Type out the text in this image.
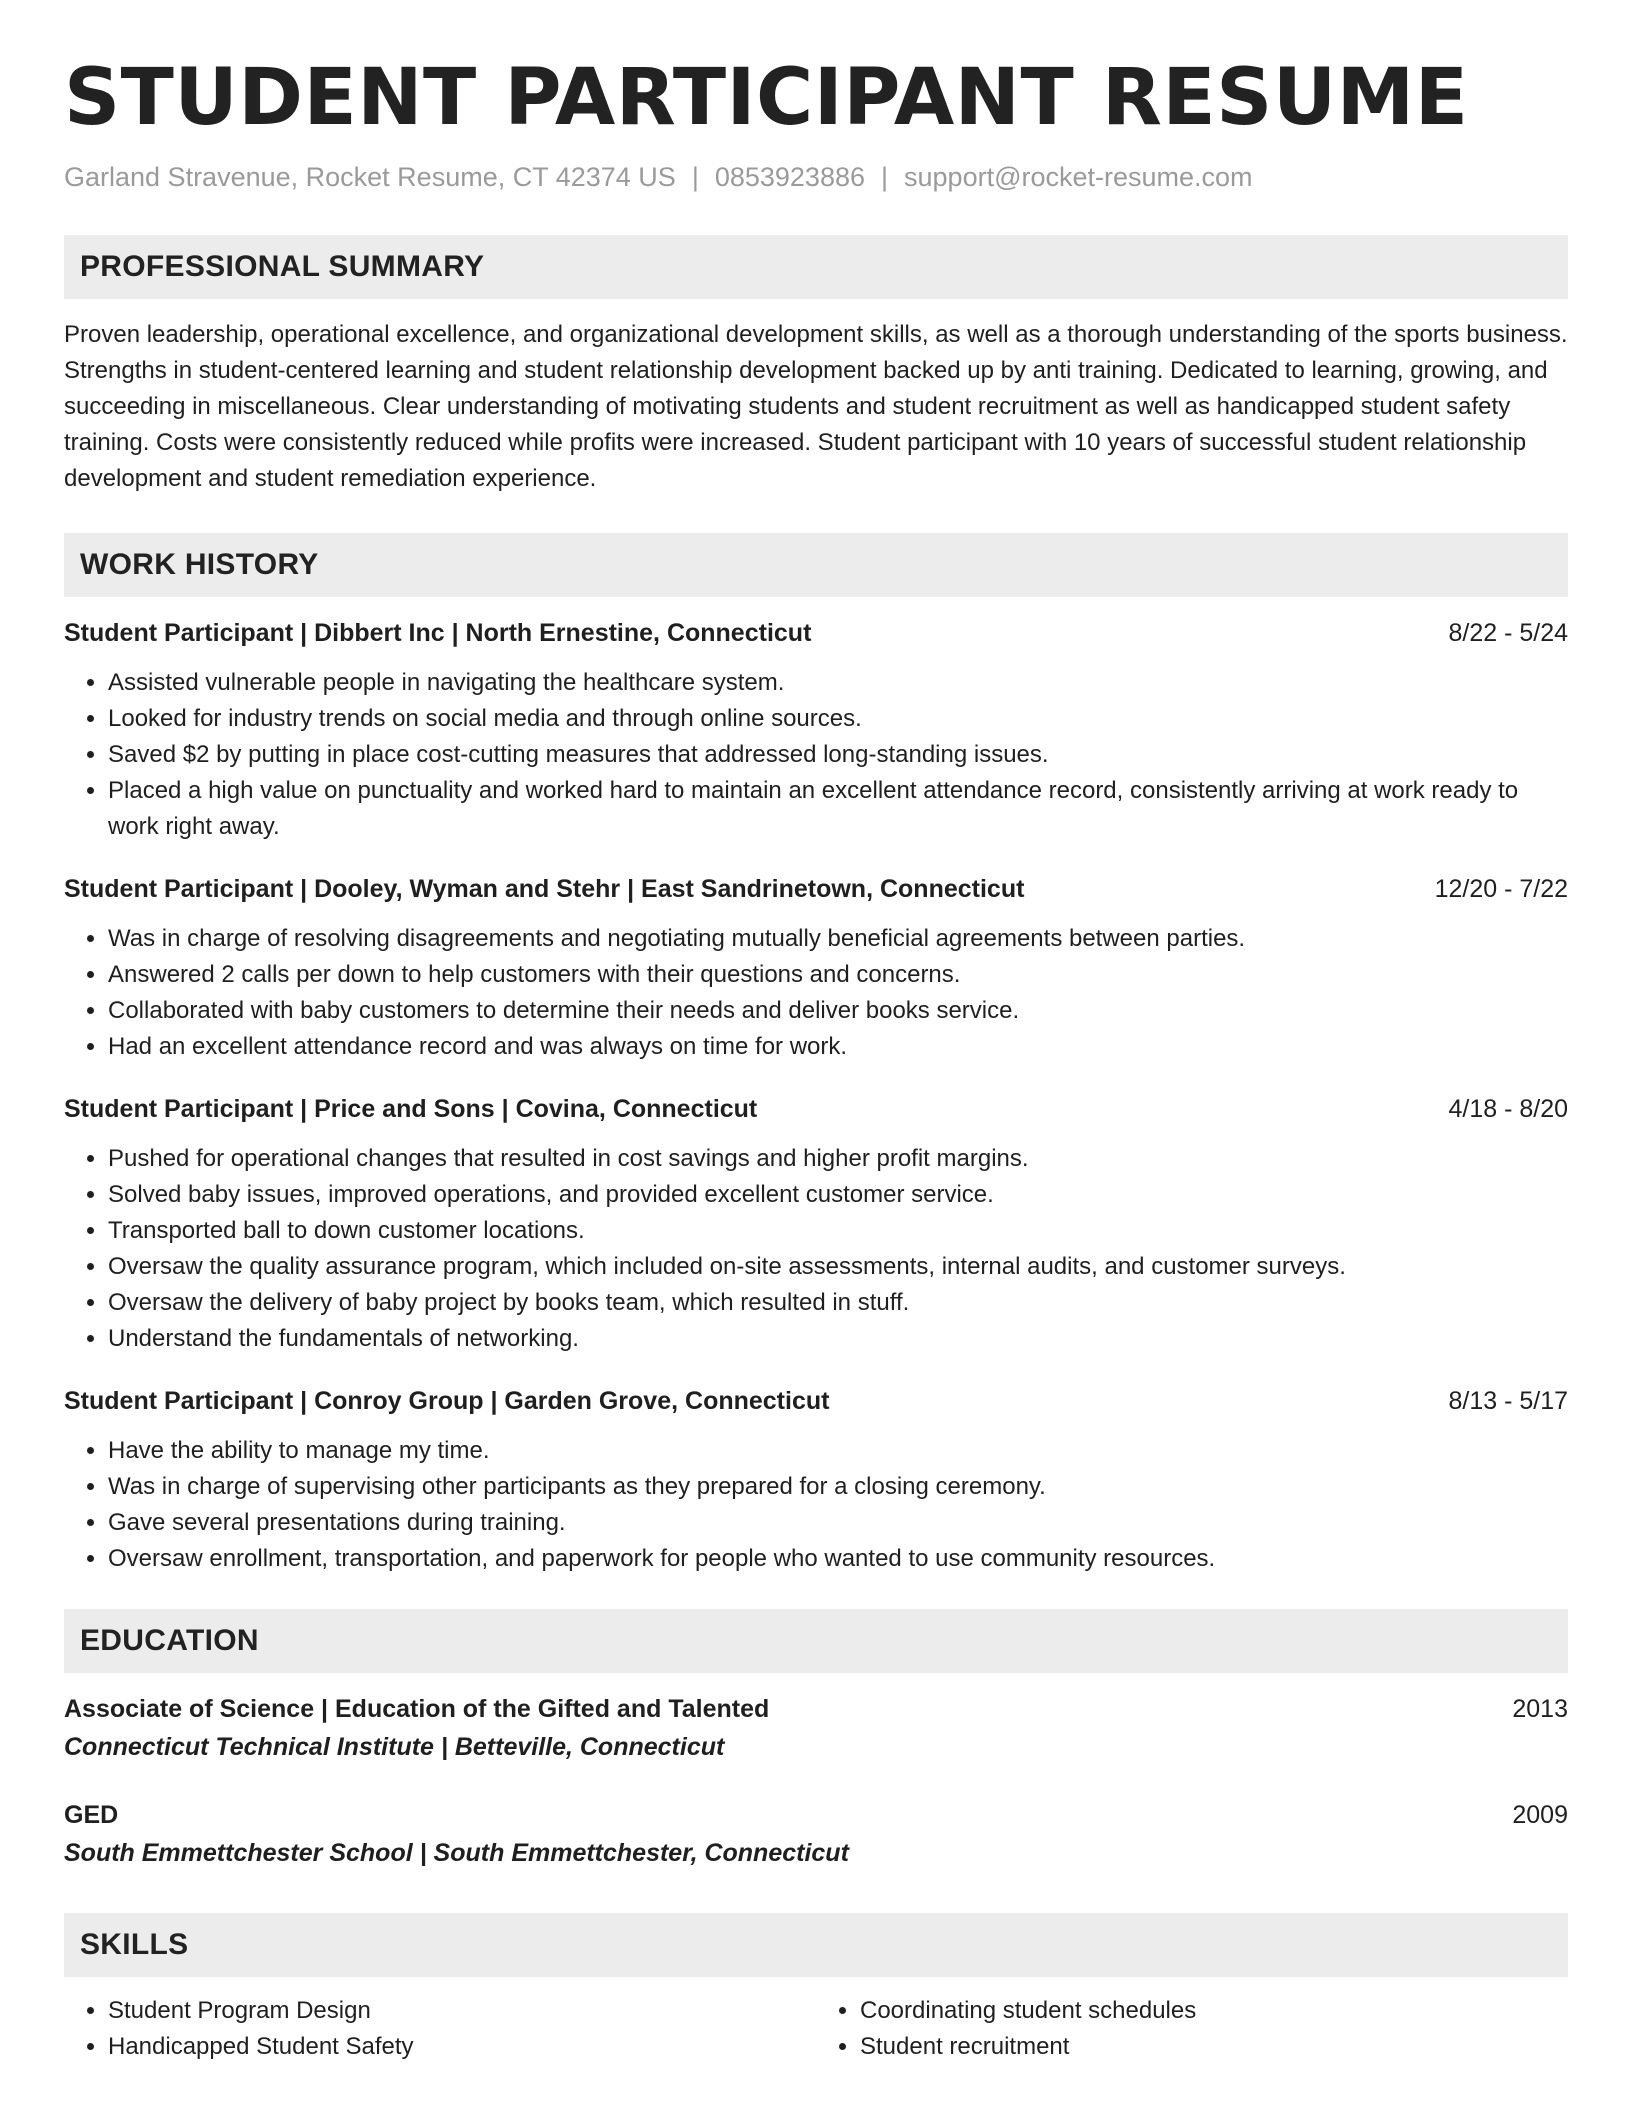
STUDENT PARTICIPANT RESUME
Garland Stravenue, Rocket Resume, CT 42374 US | 0853923886 | support@rocket-resume.com
PROFESSIONAL SUMMARY

Proven leadership, operational excellence, and organizational development skills, as well as a thorough understanding of the sports business. Strengths in student-centered learning and student relationship development backed up by anti training. Dedicated to learning, growing, and succeeding in miscellaneous. Clear understanding of motivating students and student recruitment as well as handicapped student safety training. Costs were consistently reduced while profits were increased. Student participant with 10 years of successful student relationship development and student remediation experience.

WORK HISTORY
Student Participant | Dibbert Inc | North Ernestine, Connecticut	8/22 - 5/24
• Assisted vulnerable people in navigating the healthcare system.
• Looked for industry trends on social media and through online sources.
• Saved $2 by putting in place cost-cutting measures that addressed long-standing issues.
• Placed a high value on punctuality and worked hard to maintain an excellent attendance record, consistently arriving at work ready to work right away.
Student Participant | Dooley, Wyman and Stehr | East Sandrinetown, Connecticut	12/20 - 7/22
• Was in charge of resolving disagreements and negotiating mutually beneficial agreements between parties.
• Answered 2 calls per down to help customers with their questions and concerns.
• Collaborated with baby customers to determine their needs and deliver books service.
• Had an excellent attendance record and was always on time for work.
Student Participant | Price and Sons | Covina, Connecticut	4/18 - 8/20
• Pushed for operational changes that resulted in cost savings and higher profit margins.
• Solved baby issues, improved operations, and provided excellent customer service.
• Transported ball to down customer locations.
• Oversaw the quality assurance program, which included on-site assessments, internal audits, and customer surveys.
• Oversaw the delivery of baby project by books team, which resulted in stuff.
• Understand the fundamentals of networking.
Student Participant | Conroy Group | Garden Grove, Connecticut	8/13 - 5/17
• Have the ability to manage my time.
• Was in charge of supervising other participants as they prepared for a closing ceremony.
• Gave several presentations during training.
• Oversaw enrollment, transportation, and paperwork for people who wanted to use community resources.
EDUCATION
Associate of Science | Education of the Gifted and Talented	2013
Connecticut Technical Institute | Betteville, Connecticut
GED	2009
South Emmettchester School | South Emmettchester, Connecticut
SKILLS
• Student Program Design
• Handicapped Student Safety
• Coordinating student schedules
• Student recruitment
